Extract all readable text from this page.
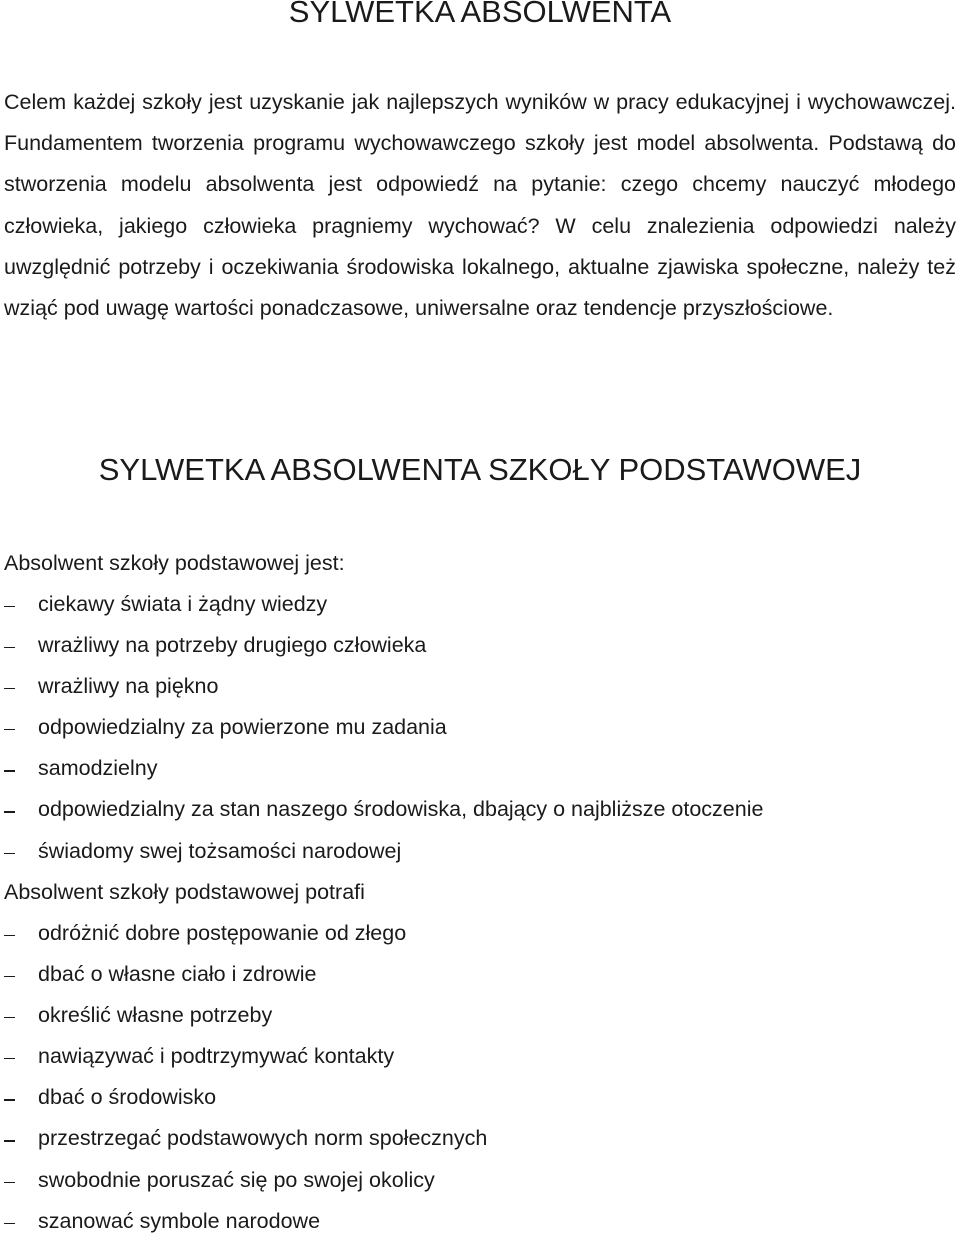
SYLWETKA ABSOLWENTA

Celem każdej szkoły jest uzyskanie jak najlepszych wyników w pracy edukacyjnej i wychowawczej. Fundamentem tworzenia programu wychowawczego szkoły jest model absolwenta. Podstawą do stworzenia modelu absolwenta jest odpowiedź na pytanie: czego chcemy nauczyć młodego człowieka, jakiego człowieka pragniemy wychować? W celu znalezienia odpowiedzi należy uwzględnić potrzeby i oczekiwania środowiska lokalnego, aktualne zjawiska społeczne, należy też wziąć pod uwagę wartości ponadczasowe, uniwersalne oraz tendencje przyszłościowe.

SYLWETKA ABSOLWENTA SZKOŁY PODSTAWOWEJ

Absolwent szkoły podstawowej jest:

ciekawy świata i żądny wiedzy
wrażliwy na potrzeby drugiego człowieka
wrażliwy na piękno
odpowiedzialny za powierzone mu zadania
samodzielny
odpowiedzialny za stan naszego środowiska, dbający o najbliższe otoczenie
świadomy swej tożsamości narodowej

Absolwent szkoły podstawowej potrafi

odróżnić dobre postępowanie od złego
dbać o własne ciało i zdrowie
określić własne potrzeby
nawiązywać i podtrzymywać kontakty
dbać o środowisko
przestrzegać podstawowych norm społecznych
swobodnie poruszać się po swojej okolicy
szanować symbole narodowe
